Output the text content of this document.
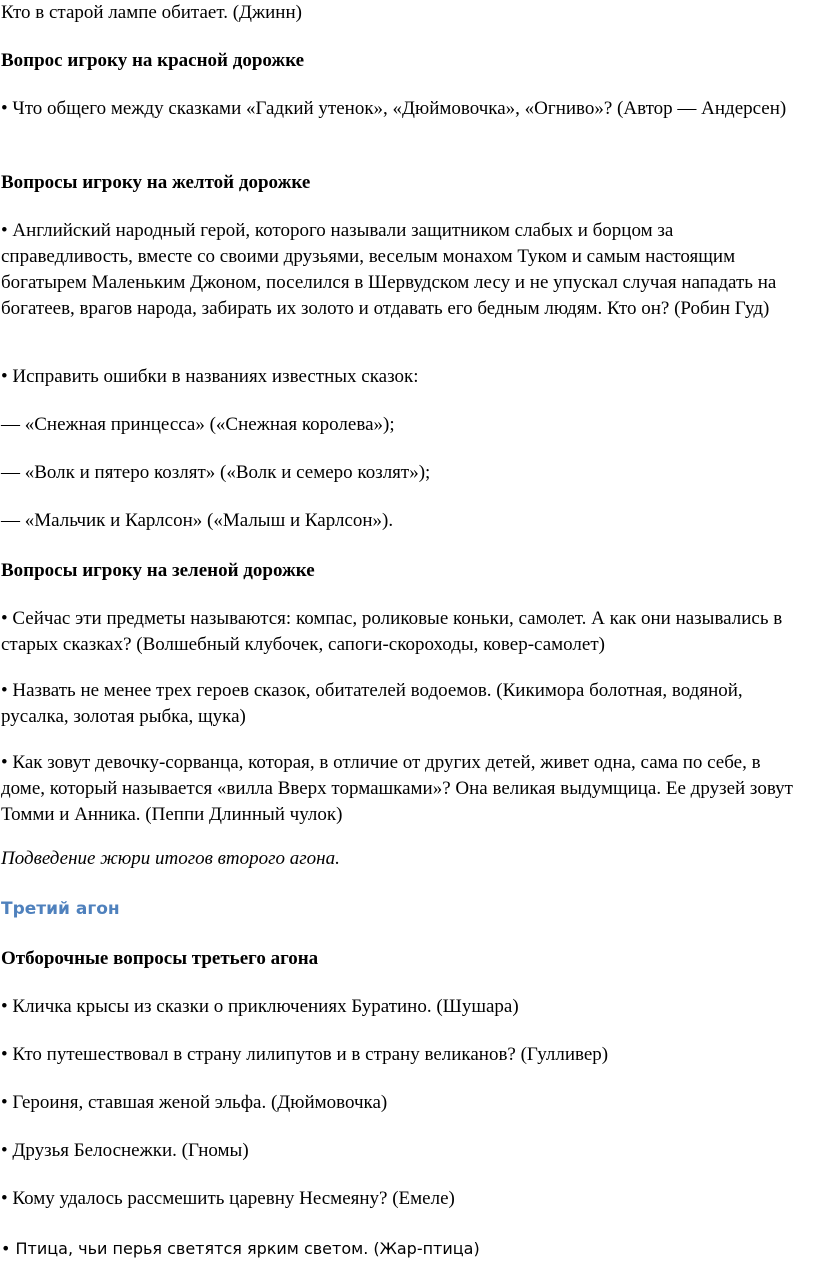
Кто в старой лампе обитает. (Джинн)

Вопрос игроку на красной дорожке

• Что общего между сказками «Гадкий утенок», «Дюймовочка», «Огниво»? (Автор — Андерсен)

Вопросы игроку на желтой дорожке

• Английский народный герой, которого называли защитником слабых и борцом за справедливость, вместе со своими друзьями, веселым монахом Туком и самым настоящим богатырем Маленьким Джоном, поселился в Шервудском лесу и не упускал случая нападать на богатеев, врагов народа, забирать их золото и отдавать его бедным людям. Кто он? (Робин Гуд)

• Исправить ошибки в названиях известных сказок:

— «Снежная принцесса» («Снежная королева»);

— «Волк и пятеро козлят» («Волк и семеро козлят»);

— «Мальчик и Карлсон» («Малыш и Карлсон»).

Вопросы игроку на зеленой дорожке

• Сейчас эти предметы называются: компас, роликовые коньки, самолет. А как они назывались в старых сказках? (Волшебный клубочек, сапоги-скороходы, ковер-самолет)

• Назвать не менее трех героев сказок, обитателей водоемов. (Кикимора болотная, водяной, русалка, золотая рыбка, щука)

• Как зовут девочку-сорванца, которая, в отличие от других детей, живет одна, сама по себе, в доме, который называется «вилла Вверх тормашками»? Она великая выдумщица. Ее друзей зовут Томми и Анника. (Пеппи Длинный чулок)

Подведение жюри итогов второго агона.

Третий агон

Отборочные вопросы третьего агона

• Кличка крысы из сказки о приключениях Буратино. (Шушара)

• Кто путешествовал в страну лилипутов и в страну великанов? (Гулливер)

• Героиня, ставшая женой эльфа. (Дюймовочка)

• Друзья Белоснежки. (Гномы)

• Кому удалось рассмешить царевну Несмеяну? (Емеле)

• Птица, чьи перья светятся ярким светом. (Жар-птица)
